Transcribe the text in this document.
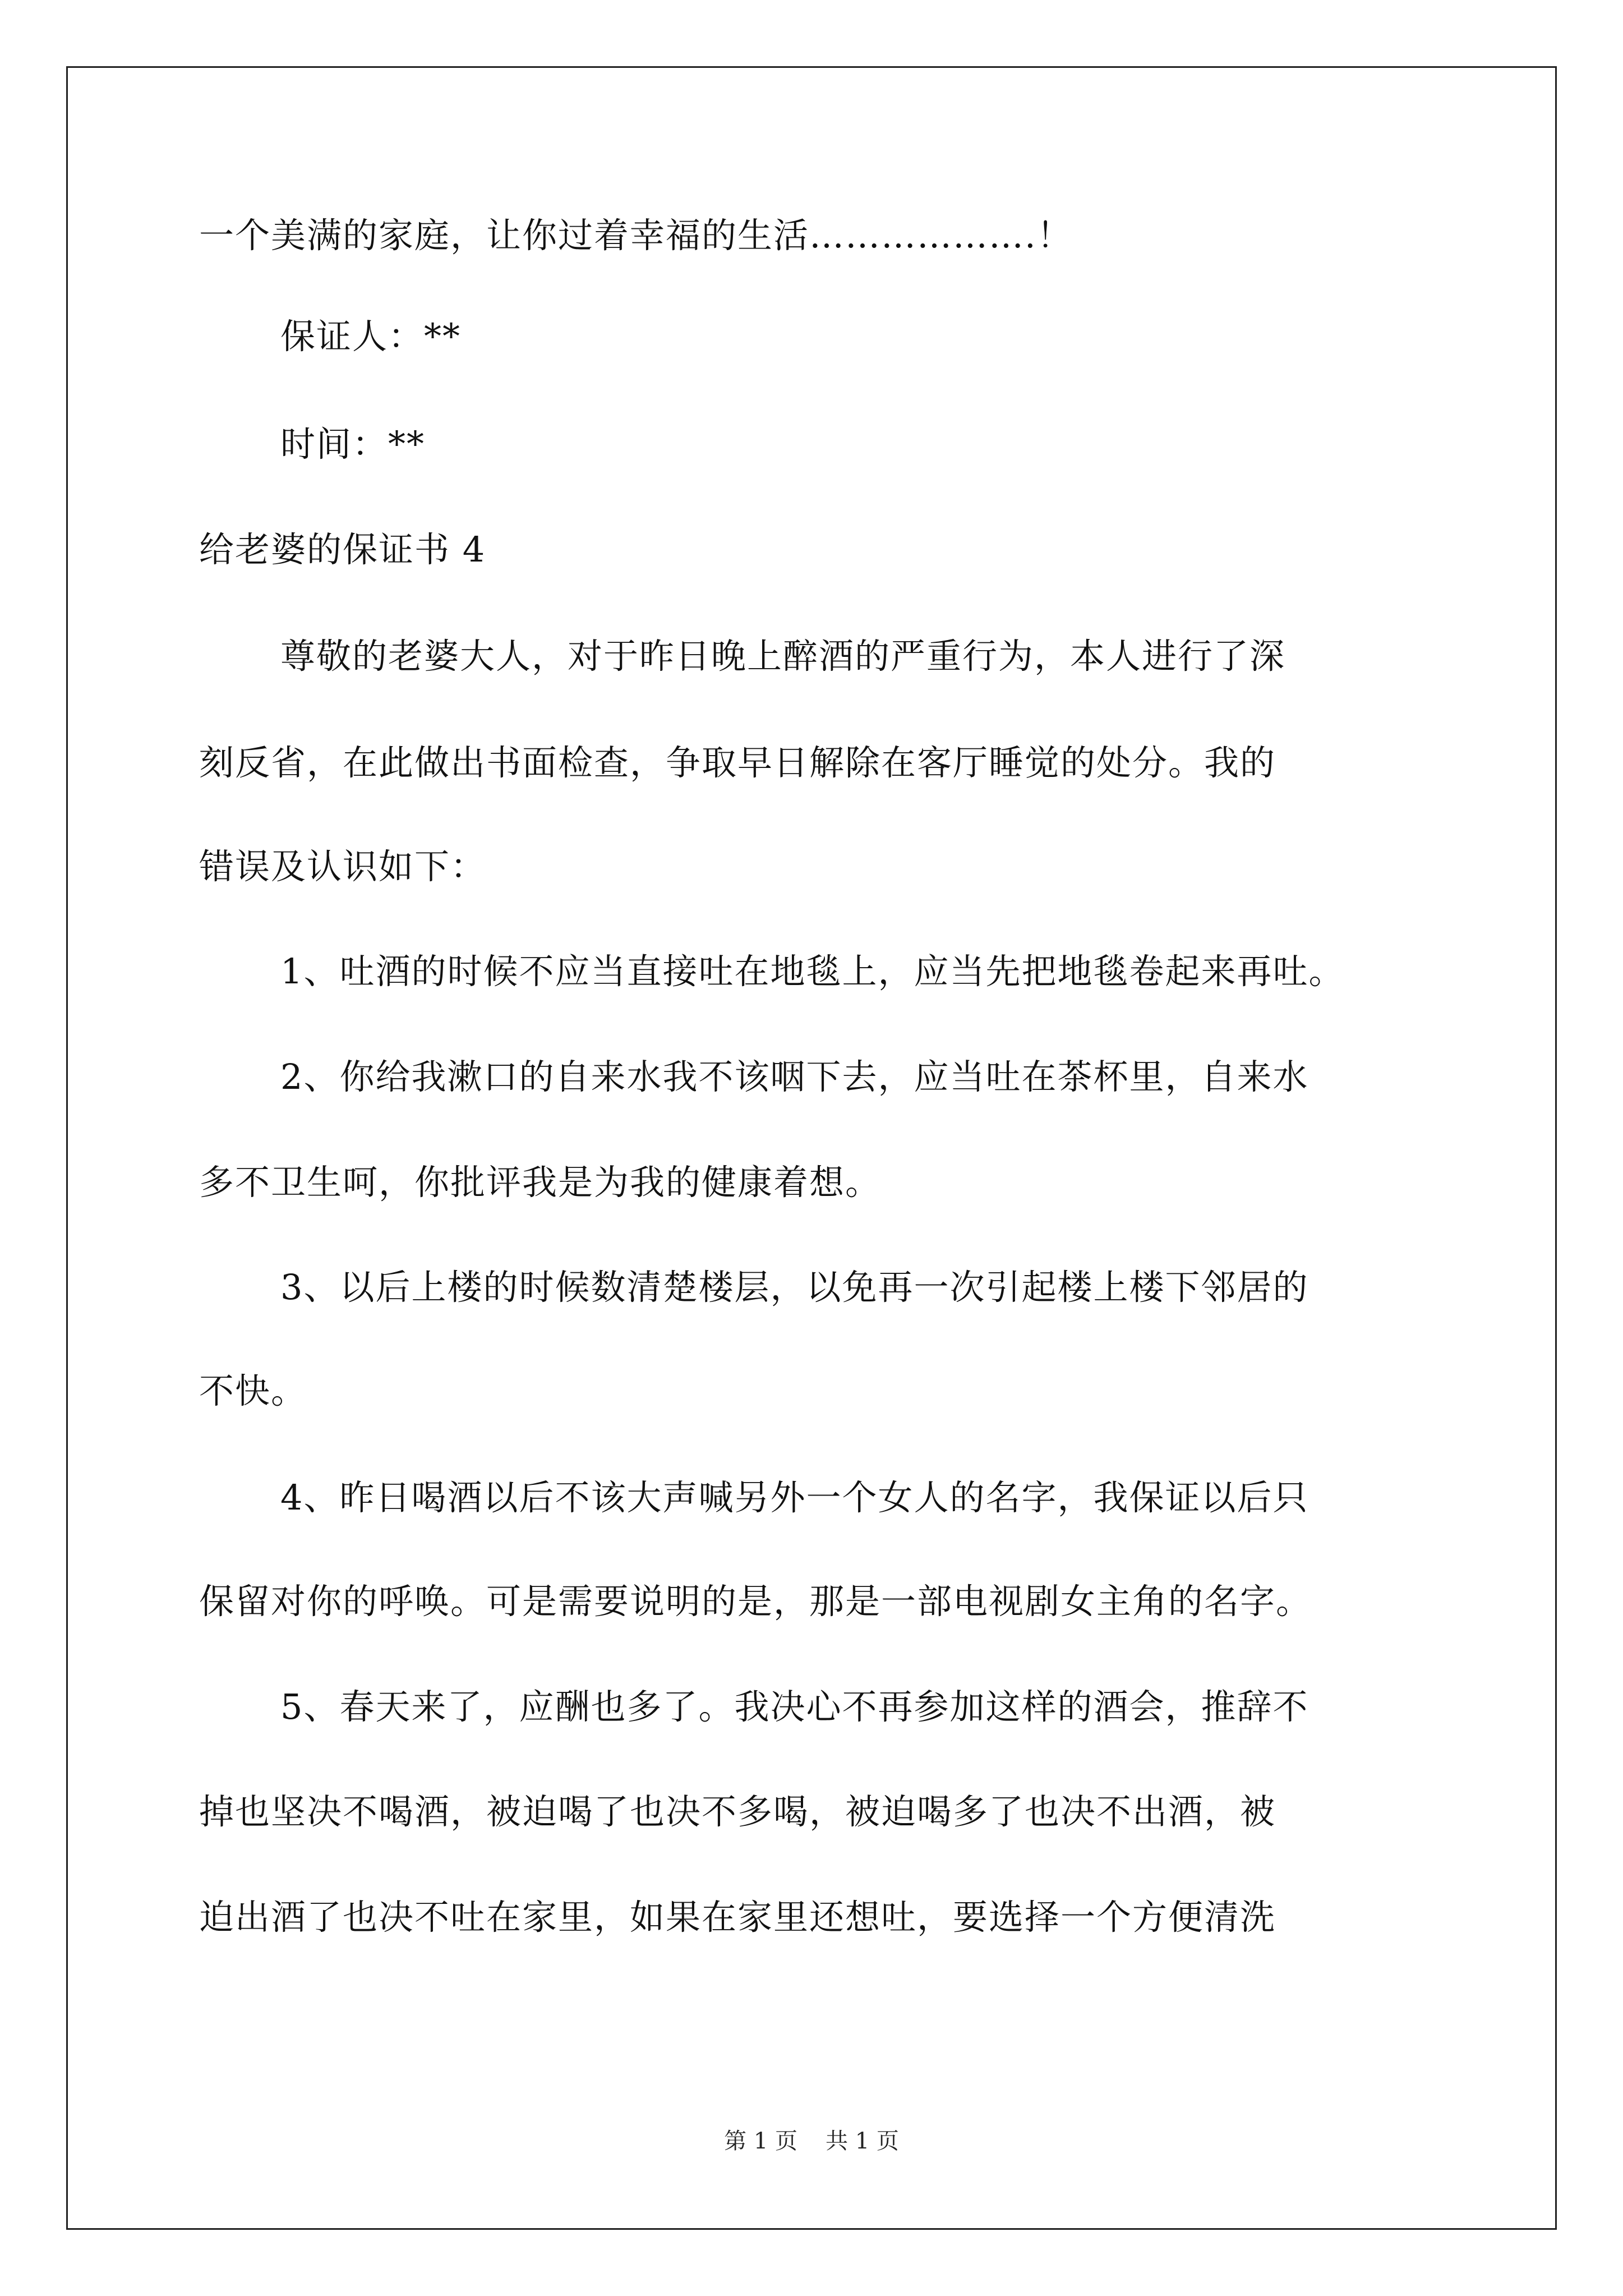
一个美满的家庭，让你过着幸福的生活……………….！
保证人：**
时间：**
给老婆的保证书 4
尊敬的老婆大人，对于昨日晚上醉酒的严重行为，本人进行了深
刻反省，在此做出书面检查，争取早日解除在客厅睡觉的处分。我的
错误及认识如下：
1、吐酒的时候不应当直接吐在地毯上，应当先把地毯卷起来再吐。
2、你给我漱口的自来水我不该咽下去，应当吐在茶杯里，自来水
多不卫生呵，你批评我是为我的健康着想。
3、以后上楼的时候数清楚楼层，以免再一次引起楼上楼下邻居的
不快。
4、昨日喝酒以后不该大声喊另外一个女人的名字，我保证以后只
保留对你的呼唤。可是需要说明的是，那是一部电视剧女主角的名字。
5、春天来了，应酬也多了。我决心不再参加这样的酒会，推辞不
掉也坚决不喝酒，被迫喝了也决不多喝，被迫喝多了也决不出酒，被
迫出酒了也决不吐在家里，如果在家里还想吐，要选择一个方便清洗
第 1 页 共 1 页
